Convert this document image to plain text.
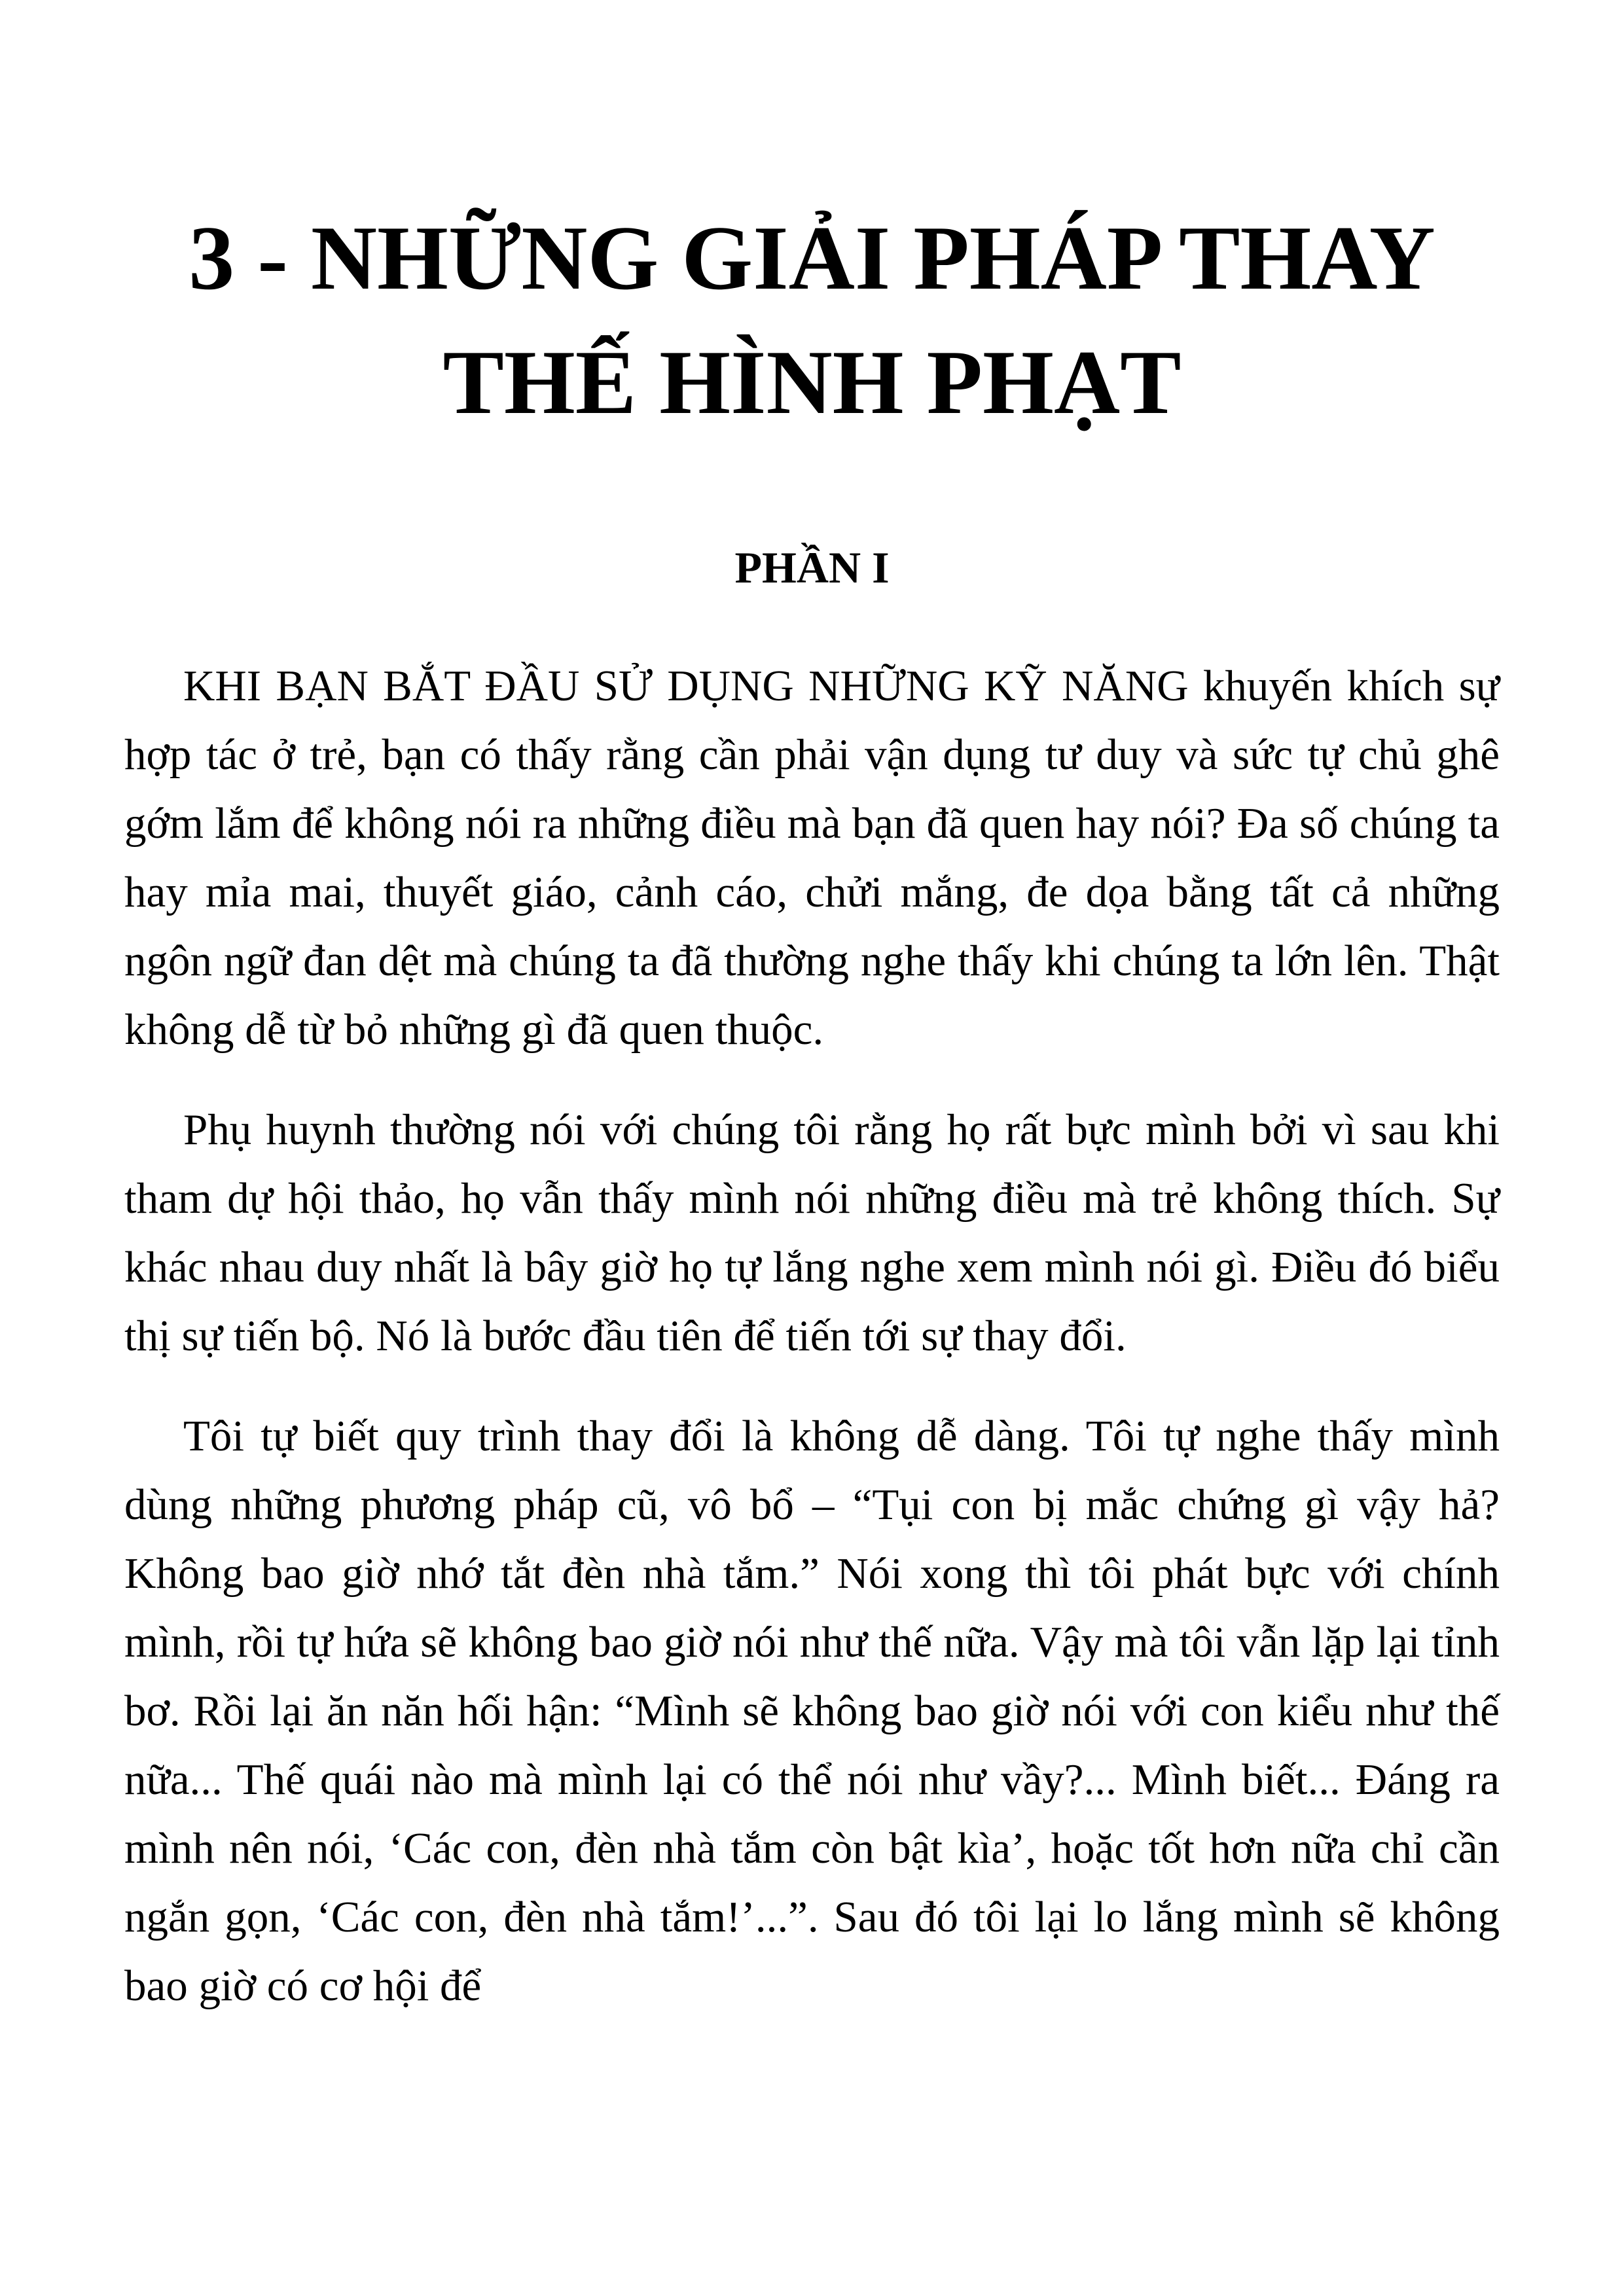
3 - NHỮNG GIẢI PHÁP THAY THẾ HÌNH PHẠT
PHẦN I

KHI BẠN BẮT ĐẦU SỬ DỤNG NHỮNG KỸ NĂNG khuyến khích sự hợp tác ở trẻ, bạn có thấy rằng cần phải vận dụng tư duy và sức tự chủ ghê gớm lắm để không nói ra những điều mà bạn đã quen hay nói? Đa số chúng ta hay mỉa mai, thuyết giáo, cảnh cáo, chửi mắng, đe dọa bằng tất cả những ngôn ngữ đan dệt mà chúng ta đã thường nghe thấy khi chúng ta lớn lên. Thật không dễ từ bỏ những gì đã quen thuộc.

Phụ huynh thường nói với chúng tôi rằng họ rất bực mình bởi vì sau khi tham dự hội thảo, họ vẫn thấy mình nói những điều mà trẻ không thích. Sự khác nhau duy nhất là bây giờ họ tự lắng nghe xem mình nói gì. Điều đó biểu thị sự tiến bộ. Nó là bước đầu tiên để tiến tới sự thay đổi.

Tôi tự biết quy trình thay đổi là không dễ dàng. Tôi tự nghe thấy mình dùng những phương pháp cũ, vô bổ – “Tụi con bị mắc chứng gì vậy hả? Không bao giờ nhớ tắt đèn nhà tắm.” Nói xong thì tôi phát bực với chính mình, rồi tự hứa sẽ không bao giờ nói như thế nữa. Vậy mà tôi vẫn lặp lại tỉnh bơ. Rồi lại ăn năn hối hận: “Mình sẽ không bao giờ nói với con kiểu như thế nữa... Thế quái nào mà mình lại có thể nói như vầy?... Mình biết... Đáng ra mình nên nói, ‘Các con, đèn nhà tắm còn bật kìa’, hoặc tốt hơn nữa chỉ cần ngắn gọn, ‘Các con, đèn nhà tắm!’...”. Sau đó tôi lại lo lắng mình sẽ không bao giờ có cơ hội để
